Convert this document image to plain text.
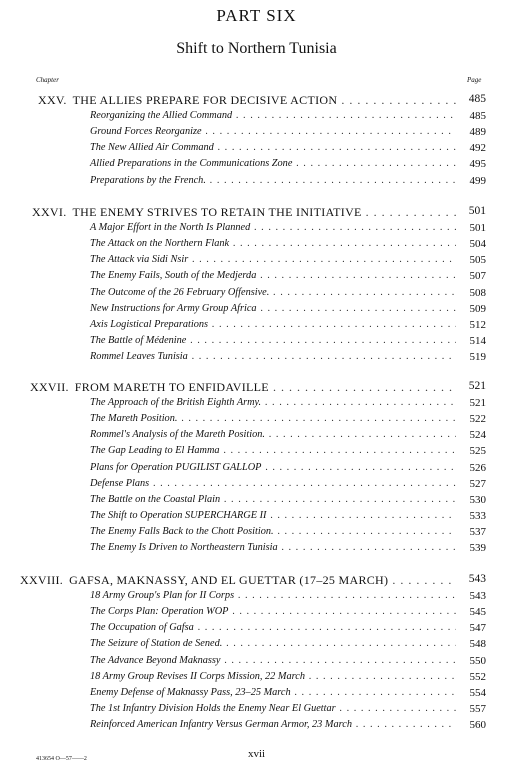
PART SIX
Shift to Northern Tunisia
Chapter	Page
XXV. THE ALLIES PREPARE FOR DECISIVE ACTION . . .	485
Reorganizing the Allied Command . . .	485
Ground Forces Reorganize . . .	489
The New Allied Air Command . . .	492
Allied Preparations in the Communications Zone . . .	495
Preparations by the French. . . .	499
XXVI. THE ENEMY STRIVES TO RETAIN THE INITIATIVE . . .	501
A Major Effort in the North Is Planned . . .	501
The Attack on the Northern Flank . . .	504
The Attack via Sidi Nsir . . .	505
The Enemy Fails, South of the Medjerda . . .	507
The Outcome of the 26 February Offensive. . . .	508
New Instructions for Army Group Africa . . .	509
Axis Logistical Preparations . . .	512
The Battle of Médenine . . .	514
Rommel Leaves Tunisia . . .	519
XXVII. FROM MARETH TO ENFIDAVILLE . . .	521
The Approach of the British Eighth Army. . . .	521
The Mareth Position. . . .	522
Rommel's Analysis of the Mareth Position. . . .	524
The Gap Leading to El Hamma . . .	525
Plans for Operation PUGILIST GALLOP . . .	526
Defense Plans . . .	527
The Battle on the Coastal Plain . . .	530
The Shift to Operation SUPERCHARGE II . . .	533
The Enemy Falls Back to the Chott Position. . . .	537
The Enemy Is Driven to Northeastern Tunisia . . .	539
XXVIII. GAFSA, MAKNASSY, AND EL GUETTAR (17–25 MARCH) . . .	543
18 Army Group's Plan for II Corps . . .	543
The Corps Plan: Operation WOP . . .	545
The Occupation of Gafsa . . .	547
The Seizure of Station de Sened. . . .	548
The Advance Beyond Maknassy . . .	550
18 Army Group Revises II Corps Mission, 22 March . . .	552
Enemy Defense of Maknassy Pass, 23–25 March . . .	554
The 1st Infantry Division Holds the Enemy Near El Guettar . . .	557
Reinforced American Infantry Versus German Armor, 23 March . . .	560
413654 O—57——2	xvii
